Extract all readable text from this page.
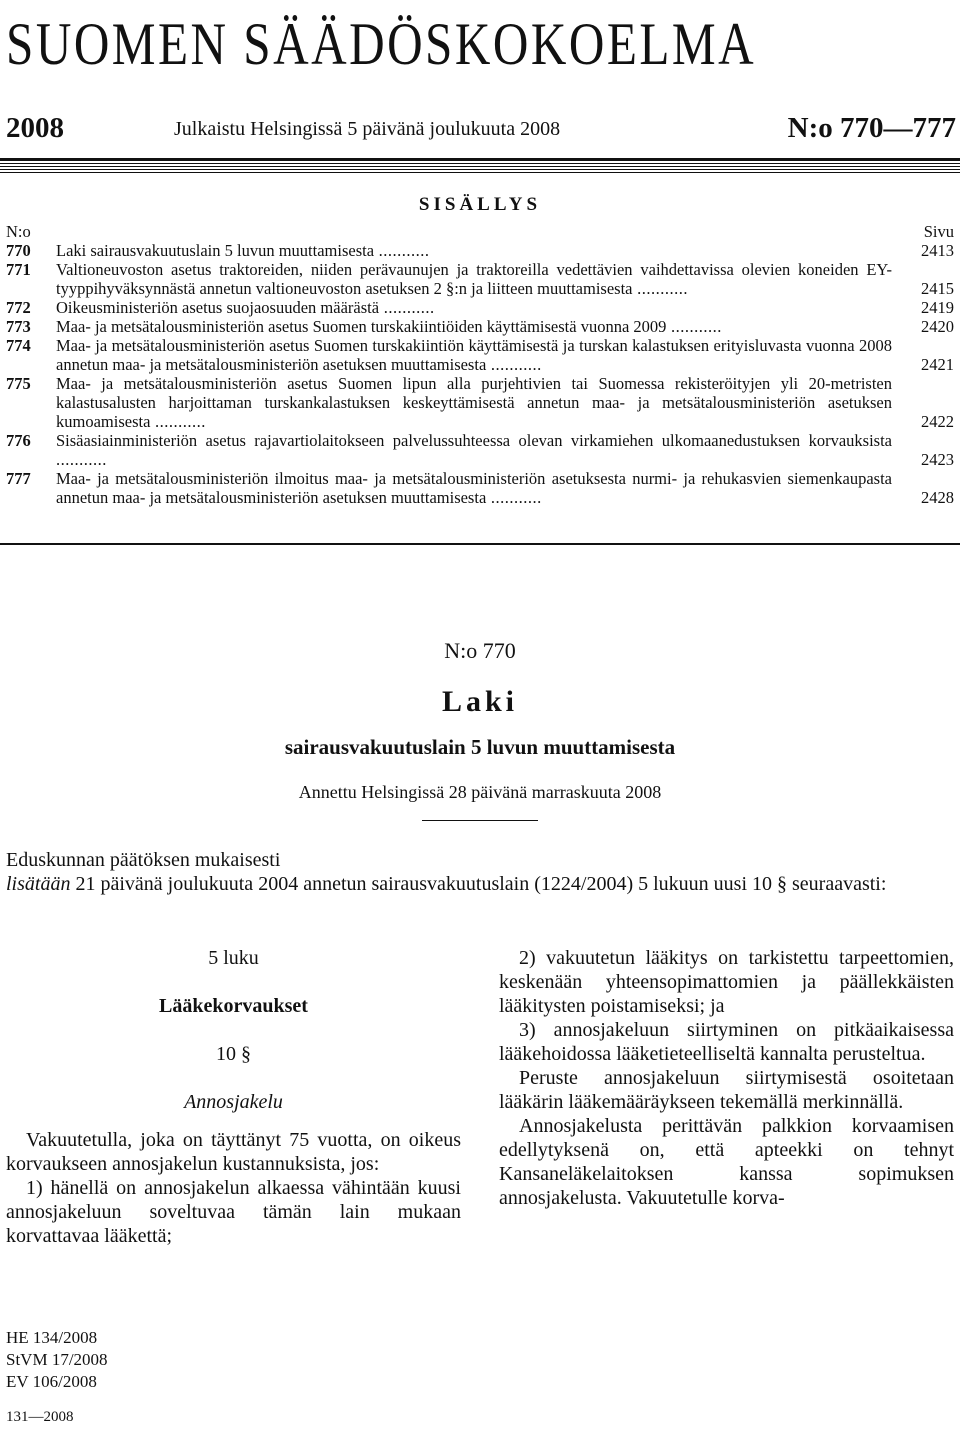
SUOMEN SÄÄDÖSKOKOELMA
2008	Julkaistu Helsingissä 5 päivänä joulukuuta 2008	N:o 770—777
SISÄLLYS
N:o	Sivu
770 Laki sairausvakuutuslain 5 luvun muuttamisesta ...........	2413
771 Valtioneuvoston asetus traktoreiden, niiden perävaunujen ja traktoreilla vedettävien vaihdettavissa olevien koneiden EY-tyyppihyväksynnästä annetun valtioneuvoston asetuksen 2 §:n ja liitteen muuttamisesta ...........	2415
772 Oikeusministeriön asetus suojaosuuden määrästä ...........	2419
773 Maa- ja metsätalousministeriön asetus Suomen turskakiintiöiden käyttämisestä vuonna 2009 ...........	2420
774 Maa- ja metsätalousministeriön asetus Suomen turskakiintiön käyttämisestä ja turskan kalastuksen erityisluvasta vuonna 2008 annetun maa- ja metsätalousministeriön asetuksen muuttamisesta ...........	2421
775 Maa- ja metsätalousministeriön asetus Suomen lipun alla purjehtivien tai Suomessa rekisteröityjen yli 20-metristen kalastusalusten harjoittaman turskankalastuksen keskeyttämisestä annetun maa- ja metsätalousministeriön asetuksen kumoamisesta ...........	2422
776 Sisäasiainministeriön asetus rajavartiolaitokseen palvelussuhteessa olevan virkamiehen ulkomaanedustuksen korvauksista ...........	2423
777 Maa- ja metsätalousministeriön ilmoitus maa- ja metsätalousministeriön asetuksesta nurmi- ja rehukasvien siemenkaupasta annetun maa- ja metsätalousministeriön asetuksen muuttamisesta ...........	2428
N:o 770
Laki
sairausvakuutuslain 5 luvun muuttamisesta
Annettu Helsingissä 28 päivänä marraskuuta 2008
Eduskunnan päätöksen mukaisesti
lisätään 21 päivänä joulukuuta 2004 annetun sairausvakuutuslain (1224/2004) 5 lukuun uusi 10 § seuraavasti:
5 luku
Lääkekorvaukset
10 §
Annosjakelu
Vakuutetulla, joka on täyttänyt 75 vuotta, on oikeus korvaukseen annosjakelun kustannuksista, jos:
1) hänellä on annosjakelun alkaessa vähintään kuusi annosjakeluun soveltuvaa tämän lain mukaan korvattavaa lääkettä;
2) vakuutetun lääkitys on tarkistettu tarpeettomien, keskenään yhteensopimattomien ja päällekkäisten lääkitysten poistamiseksi; ja
3) annosjakeluun siirtyminen on pitkäaikaisessa lääkehoidossa lääketieteelliseltä kannalta perusteltua.
Peruste annosjakeluun siirtymisestä osoitetaan lääkärin lääkemääräykseen tekemällä merkinnällä.
Annosjakelusta perittävän palkkion korvaamisen edellytyksenä on, että apteekki on tehnyt Kansaneläkelaitoksen kanssa sopimuksen annosjakelusta. Vakuutetulle korva-
HE 134/2008
StVM 17/2008
EV 106/2008
131—2008
